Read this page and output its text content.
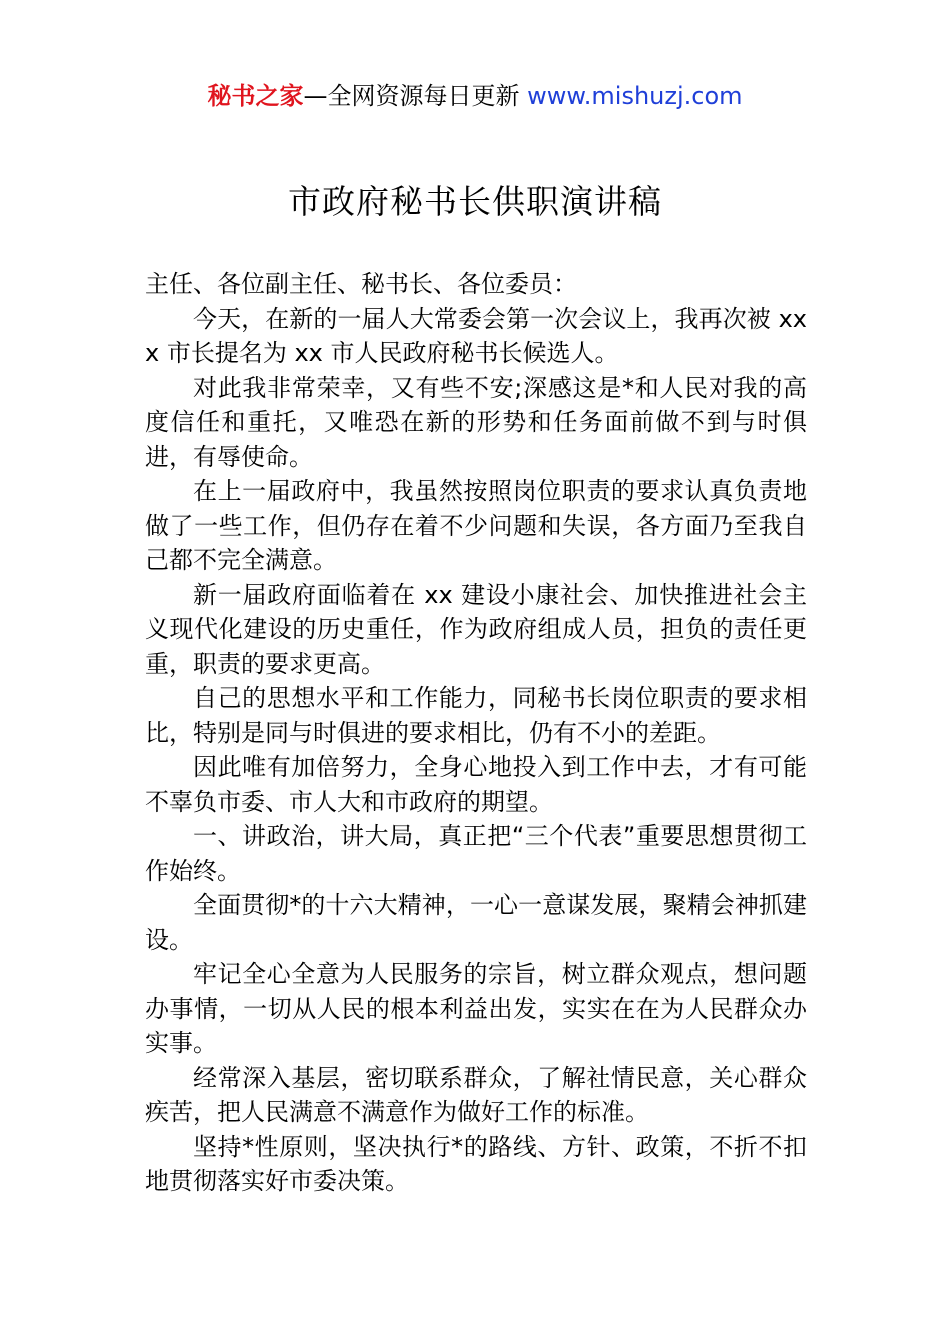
秘书之家—全网资源每日更新 www.mishuzj.com
市政府秘书长供职演讲稿

主任、各位副主任、秘书长、各位委员：

今天，在新的一届人大常委会第一次会议上，我再次被 xxx 市长提名为 xx 市人民政府秘书长候选人。

对此我非常荣幸，又有些不安;深感这是*和人民对我的高度信任和重托，又唯恐在新的形势和任务面前做不到与时俱进，有辱使命。

在上一届政府中，我虽然按照岗位职责的要求认真负责地做了一些工作，但仍存在着不少问题和失误，各方面乃至我自己都不完全满意。

新一届政府面临着在 xx 建设小康社会、加快推进社会主义现代化建设的历史重任，作为政府组成人员，担负的责任更重，职责的要求更高。

自己的思想水平和工作能力，同秘书长岗位职责的要求相比，特别是同与时俱进的要求相比，仍有不小的差距。

因此唯有加倍努力，全身心地投入到工作中去，才有可能不辜负市委、市人大和市政府的期望。

一、讲政治，讲大局，真正把“三个代表”重要思想贯彻工作始终。

全面贯彻*的十六大精神，一心一意谋发展，聚精会神抓建设。

牢记全心全意为人民服务的宗旨，树立群众观点，想问题办事情，一切从人民的根本利益出发，实实在在为人民群众办实事。

经常深入基层，密切联系群众，了解社情民意，关心群众疾苦，把人民满意不满意作为做好工作的标准。

坚持*性原则，坚决执行*的路线、方针、政策，不折不扣地贯彻落实好市委决策。
